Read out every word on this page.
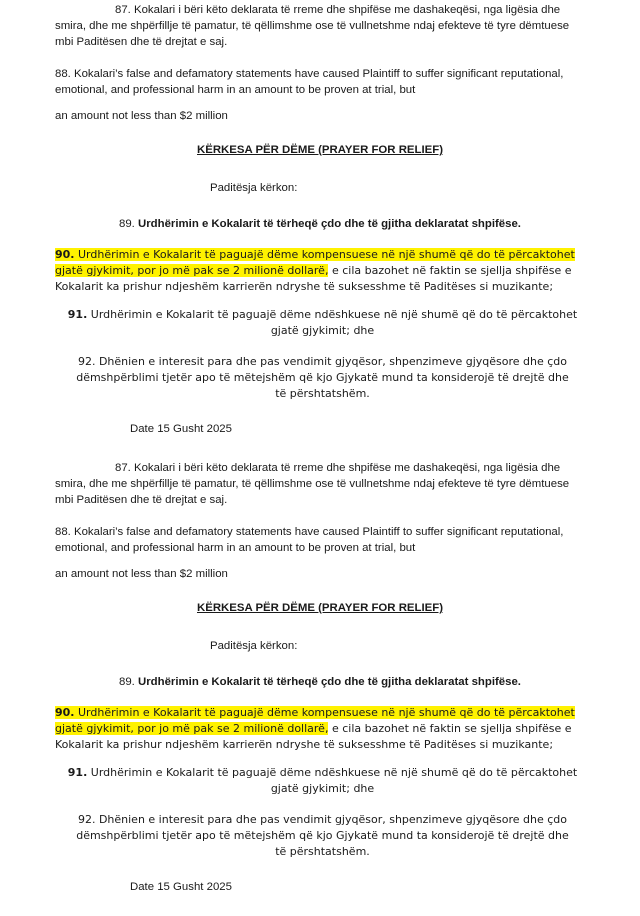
87. Kokalari i bëri këto deklarata të rreme dhe shpifëse me dashakeqësi, nga ligësia dhe smira, dhe me shpërfillje të pamatur, të qëllimshme ose të vullnetshme ndaj efekteve të tyre dëmtuese mbi Paditësen dhe të drejtat e saj.

88. Kokalari’s false and defamatory statements have caused Plaintiff to suffer significant reputational, emotional, and professional harm in an amount to be proven at trial, but

an amount not less than $2 million

KËRKESA PËR DËME (PRAYER FOR RELIEF)

Paditësja kërkon:

89. Urdhërimin e Kokalarit të tërheqë çdo dhe të gjitha deklaratat shpifëse.

90. Urdhërimin e Kokalarit të paguajë dëme kompensuese në një shumë që do të përcaktohet gjatë gjykimit, por jo më pak se 2 milionë dollarë, e cila bazohet në faktin se sjellja shpifëse e Kokalarit ka prishur ndjeshëm karrierën ndryshe të suksesshme të Paditëses si muzikante;

91. Urdhërimin e Kokalarit të paguajë dëme ndëshkuese në një shumë që do të përcaktohet gjatë gjykimit; dhe

92. Dhënien e interesit para dhe pas vendimit gjyqësor, shpenzimeve gjyqësore dhe çdo dëmshpërblimi tjetër apo të mëtejshëm që kjo Gjykatë mund ta konsiderojë të drejtë dhe të përshtatshëm.

Date 15 Gusht 2025

87. Kokalari i bëri këto deklarata të rreme dhe shpifëse me dashakeqësi, nga ligësia dhe smira, dhe me shpërfillje të pamatur, të qëllimshme ose të vullnetshme ndaj efekteve të tyre dëmtuese mbi Paditësen dhe të drejtat e saj.

88. Kokalari’s false and defamatory statements have caused Plaintiff to suffer significant reputational, emotional, and professional harm in an amount to be proven at trial, but

an amount not less than $2 million

KËRKESA PËR DËME (PRAYER FOR RELIEF)

Paditësja kërkon:

89. Urdhërimin e Kokalarit të tërheqë çdo dhe të gjitha deklaratat shpifëse.

90. Urdhërimin e Kokalarit të paguajë dëme kompensuese në një shumë që do të përcaktohet gjatë gjykimit, por jo më pak se 2 milionë dollarë, e cila bazohet në faktin se sjellja shpifëse e Kokalarit ka prishur ndjeshëm karrierën ndryshe të suksesshme të Paditëses si muzikante;

91. Urdhërimin e Kokalarit të paguajë dëme ndëshkuese në një shumë që do të përcaktohet gjatë gjykimit; dhe

92. Dhënien e interesit para dhe pas vendimit gjyqësor, shpenzimeve gjyqësore dhe çdo dëmshpërblimi tjetër apo të mëtejshëm që kjo Gjykatë mund ta konsiderojë të drejtë dhe të përshtatshëm.

Date 15 Gusht 2025
